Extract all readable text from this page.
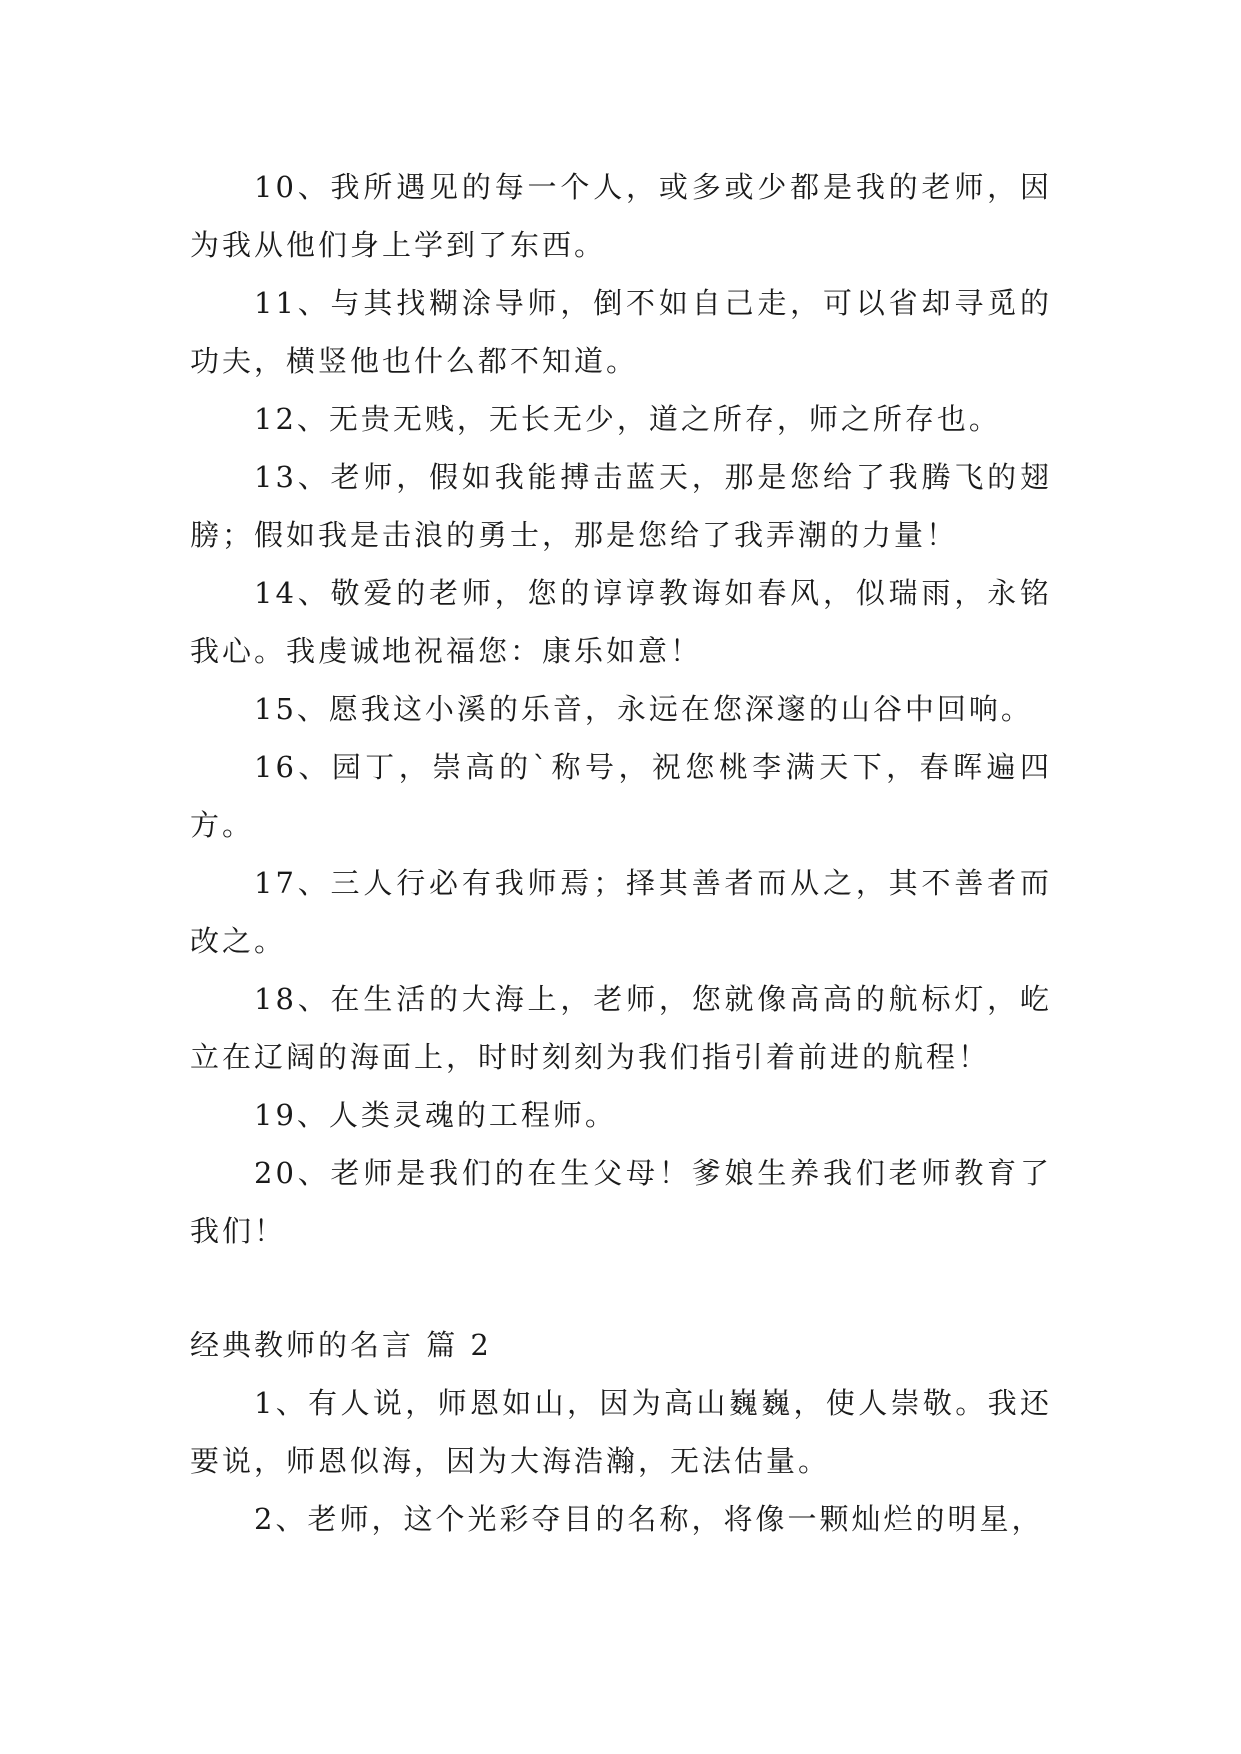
10、我所遇见的每一个人，或多或少都是我的老师，因为我从他们身上学到了东西。

11、与其找糊涂导师，倒不如自己走，可以省却寻觅的功夫，横竖他也什么都不知道。

12、无贵无贱，无长无少，道之所存，师之所存也。

13、老师，假如我能搏击蓝天，那是您给了我腾飞的翅膀；假如我是击浪的勇士，那是您给了我弄潮的力量！

14、敬爱的老师，您的谆谆教诲如春风，似瑞雨，永铭我心。我虔诚地祝福您：康乐如意！

15、愿我这小溪的乐音，永远在您深邃的山谷中回响。

16、园丁，崇高的`称号，祝您桃李满天下，春晖遍四方。

17、三人行必有我师焉；择其善者而从之，其不善者而改之。

18、在生活的大海上，老师，您就像高高的航标灯，屹立在辽阔的海面上，时时刻刻为我们指引着前进的航程！

19、人类灵魂的工程师。

20、老师是我们的在生父母！爹娘生养我们老师教育了我们！

经典教师的名言 篇 2

1、有人说，师恩如山，因为高山巍巍，使人崇敬。我还要说，师恩似海，因为大海浩瀚，无法估量。

2、老师，这个光彩夺目的名称，将像一颗灿烂的明星，
